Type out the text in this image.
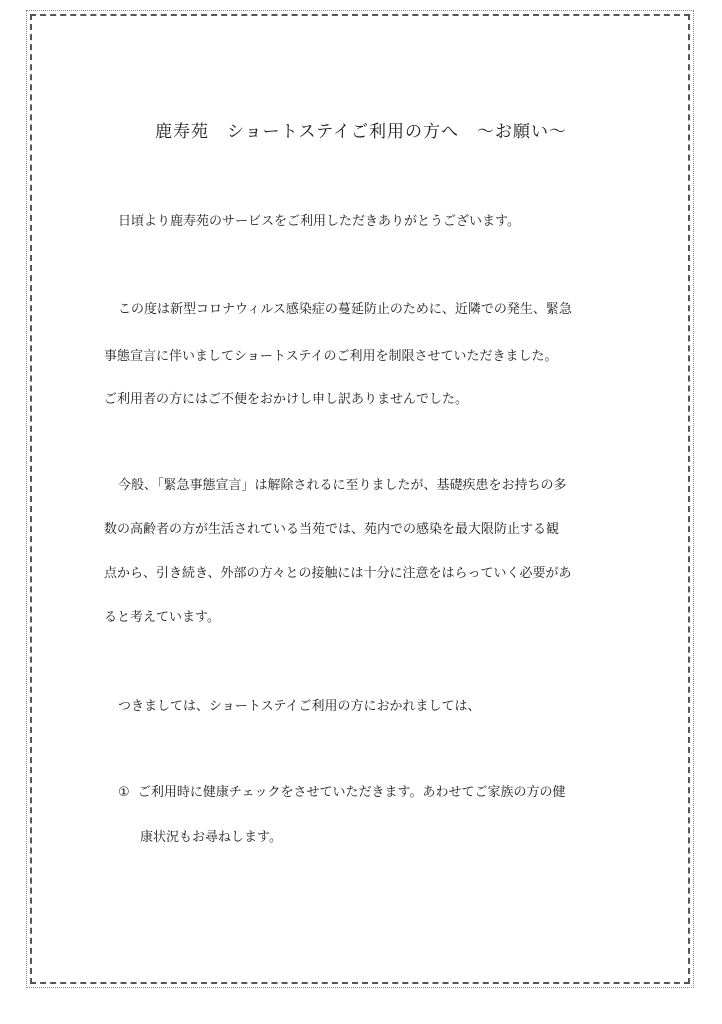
鹿寿苑　ショートステイご利用の方へ　～お願い～
日頃より鹿寿苑のサービスをご利用しただきありがとうございます。
この度は新型コロナウィルス感染症の蔓延防止のために、近隣での発生、緊急
事態宣言に伴いましてショートステイのご利用を制限させていただきました。
ご利用者の方にはご不便をおかけし申し訳ありませんでした。
今般、「緊急事態宣言」は解除されるに至りましたが、基礎疾患をお持ちの多
数の高齢者の方が生活されている当苑では、苑内での感染を最大限防止する観
点から、引き続き、外部の方々との接触には十分に注意をはらっていく必要があ
ると考えています。
つきましては、ショートステイご利用の方におかれましては、
① ご利用時に健康チェックをさせていただきます。あわせてご家族の方の健
康状況もお尋ねします。
